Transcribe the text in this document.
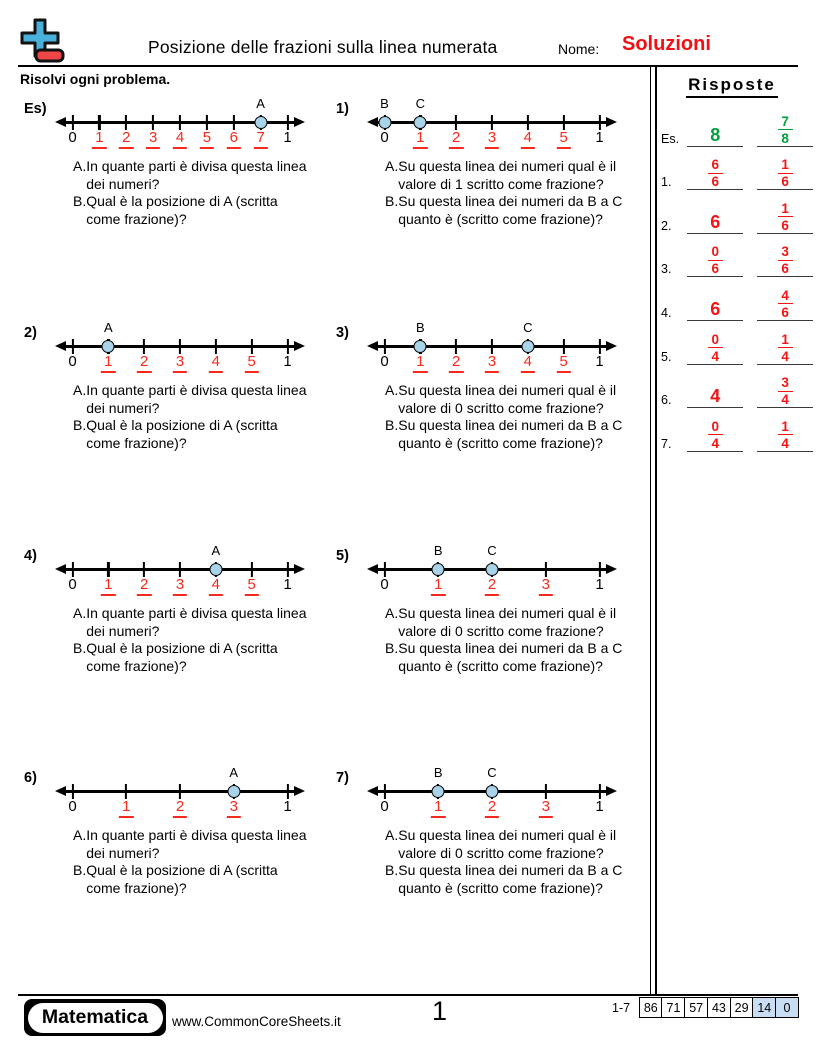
Posizione delle frazioni sulla linea numerata	Nome: Soluzioni
Risolvi ogni problema.	Risposte
Es.	8	$\frac{7}{8}$
1.	$\frac{6}{6}$	$\frac{1}{6}$
2.	6	$\frac{1}{6}$
3.	$\frac{0}{6}$	$\frac{3}{6}$
4.	6	$\frac{4}{6}$
5.	$\frac{0}{4}$	$\frac{1}{4}$
6.	4	$\frac{3}{4}$
7.	$\frac{0}{4}$	$\frac{1}{4}$
Es)
0 1 2 3 4 5 6 7 1
A
A. In quante parti è divisa questa linea
dei numeri?
B. Qual è la posizione di A (scritta
come frazione)?
1)
0 1 2 3 4 5 1
B C
A. Su questa linea dei numeri qual è il
valore di 1 scritto come frazione?
B. Su questa linea dei numeri da B a C
quanto è (scritto come frazione)?
2)
0 1 2 3 4 5 1
A
A. In quante parti è divisa questa linea
dei numeri?
B. Qual è la posizione di A (scritta
come frazione)?
3)
0 1 2 3 4 5 1
B	C
A. Su questa linea dei numeri qual è il
valore di 0 scritto come frazione?
B. Su questa linea dei numeri da B a C
quanto è (scritto come frazione)?
4)
0 1 2 3 4 5 1
A
A. In quante parti è divisa questa linea
dei numeri?
B. Qual è la posizione di A (scritta
come frazione)?
5)
0	1	2	3	1
B	C
A. Su questa linea dei numeri qual è il
valore di 0 scritto come frazione?
B. Su questa linea dei numeri da B a C
quanto è (scritto come frazione)?
6)
0	1	2	3	1
A
A. In quante parti è divisa questa linea
dei numeri?
B. Qual è la posizione di A (scritta
come frazione)?
7)
0	1	2	3	1
B	C
A. Su questa linea dei numeri qual è il
valore di 0 scritto come frazione?
B. Su questa linea dei numeri da B a C
quanto è (scritto come frazione)?
Matematica	www.CommonCoreSheets.it	1	1-7	86 71 57 43 29 14 0
